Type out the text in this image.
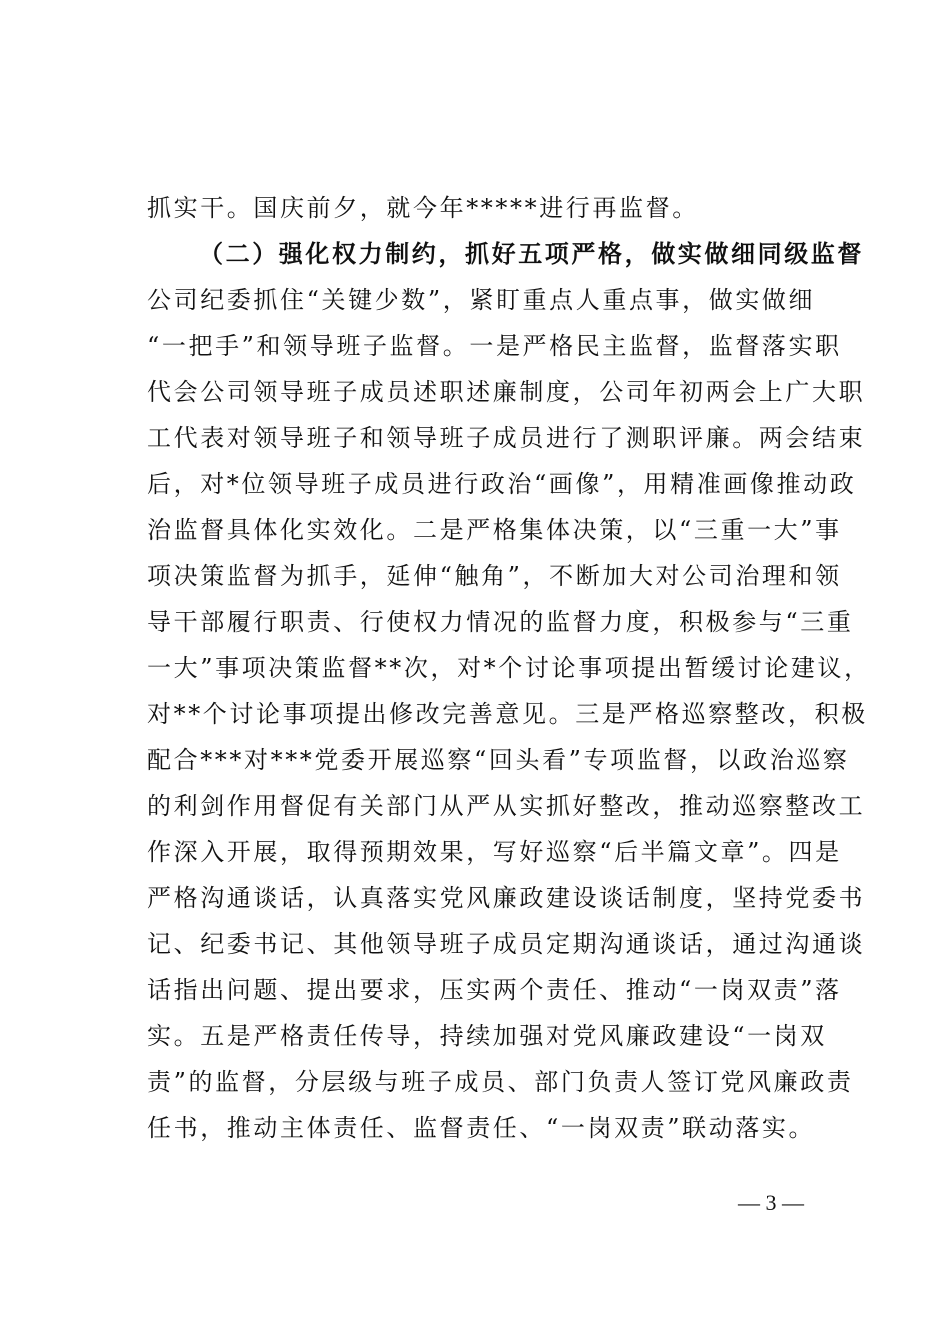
抓实干。国庆前夕，就今年*****进行再监督。
（二）强化权力制约，抓好五项严格，做实做细同级监督
公司纪委抓住“关键少数”，紧盯重点人重点事，做实做细
“一把手”和领导班子监督。一是严格民主监督，监督落实职
代会公司领导班子成员述职述廉制度，公司年初两会上广大职
工代表对领导班子和领导班子成员进行了测职评廉。两会结束
后，对*位领导班子成员进行政治“画像”，用精准画像推动政
治监督具体化实效化。二是严格集体决策，以“三重一大”事
项决策监督为抓手，延伸“触角”，不断加大对公司治理和领
导干部履行职责、行使权力情况的监督力度，积极参与“三重
一大”事项决策监督**次，对*个讨论事项提出暂缓讨论建议，
对**个讨论事项提出修改完善意见。三是严格巡察整改，积极
配合***对***党委开展巡察“回头看”专项监督，以政治巡察
的利剑作用督促有关部门从严从实抓好整改，推动巡察整改工
作深入开展，取得预期效果，写好巡察“后半篇文章”。四是
严格沟通谈话，认真落实党风廉政建设谈话制度，坚持党委书
记、纪委书记、其他领导班子成员定期沟通谈话，通过沟通谈
话指出问题、提出要求，压实两个责任、推动“一岗双责”落
实。五是严格责任传导，持续加强对党风廉政建设“一岗双
责”的监督，分层级与班子成员、部门负责人签订党风廉政责
任书，推动主体责任、监督责任、“一岗双责”联动落实。
— 3 —
